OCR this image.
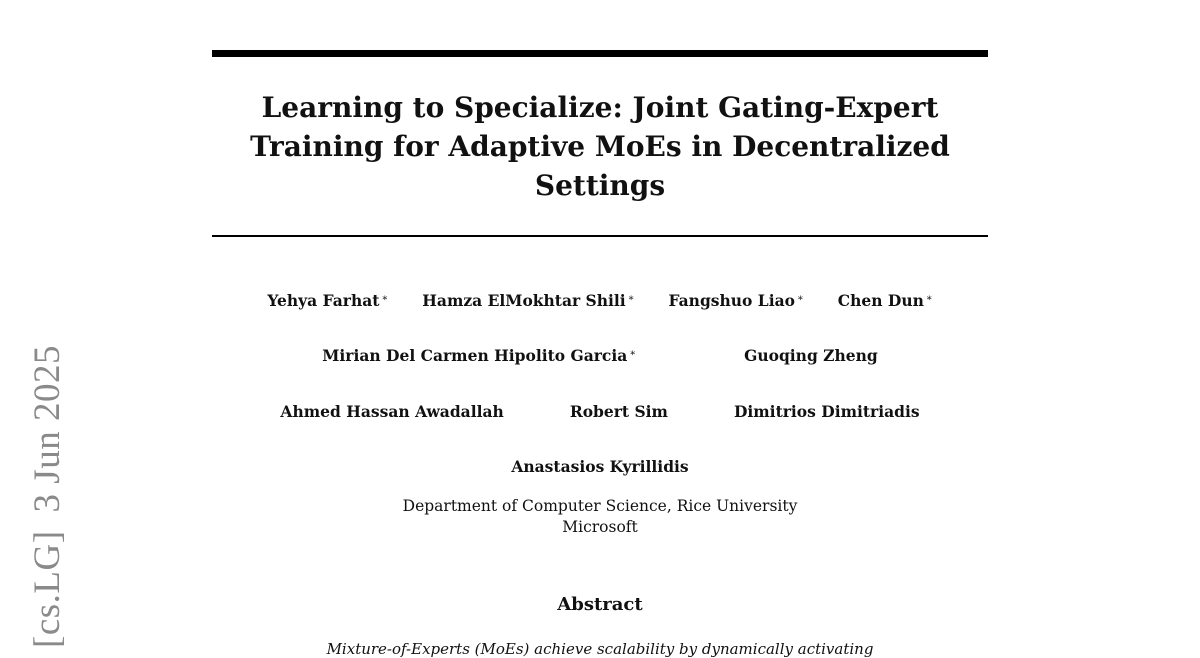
Learning to Specialize: Joint Gating-Expert Training for Adaptive MoEs in Decentralized Settings
Yehya Farhat ∗ Hamza ElMokhtar Shili ∗ Fangshuo Liao ∗ Chen Dun ∗
Mirian Del Carmen Hipolito Garcia ∗	Guoqing Zheng
Ahmed Hassan Awadallah	Robert Sim	Dimitrios Dimitriadis
Anastasios Kyrillidis
Department of Computer Science, Rice University
Microsoft
Abstract
Mixture-of-Experts (MoEs) achieve scalability by dynamically activating
[cs.LG]3 Jun 2025
